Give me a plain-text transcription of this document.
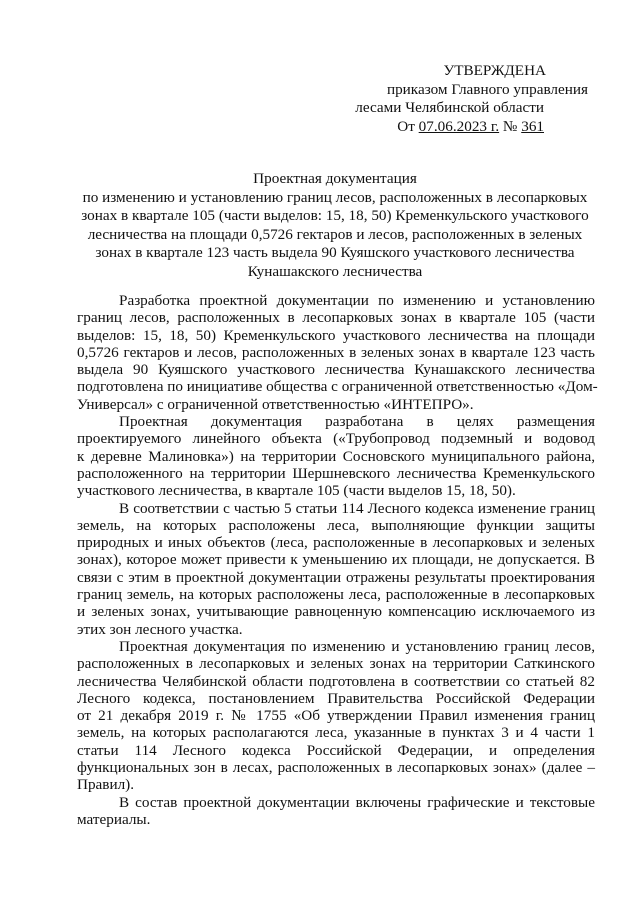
УТВЕРЖДЕНА
приказом Главного управления
лесами Челябинской области
От 07.06.2023 г. № 361
Проектная документация
по изменению и установлению границ лесов, расположенных в лесопарковых
зонах в квартале 105 (части выделов: 15, 18, 50) Кременкульского участкового
лесничества на площади 0,5726 гектаров и лесов, расположенных в зеленых
зонах в квартале 123 часть выдела 90 Куяшского участкового лесничества
Кунашакского лесничества
Разработка проектной документации по изменению и установлению
границ лесов, расположенных в лесопарковых зонах в квартале 105 (части
выделов: 15, 18, 50) Кременкульского участкового лесничества на площади
0,5726 гектаров и лесов, расположенных в зеленых зонах в квартале 123 часть
выдела 90 Куяшского участкового лесничества Кунашакского лесничества
подготовлена по инициативе общества с ограниченной ответственностью «Дом-
Универсал» с ограниченной ответственностью «ИНТЕПРО».
Проектная документация разработана в целях размещения
проектируемого линейного объекта («Трубопровод подземный и водовод
к деревне Малиновка») на территории Сосновского муниципального района,
расположенного на территории Шершневского лесничества Кременкульского
участкового лесничества, в квартале 105 (части выделов 15, 18, 50).
В соответствии с частью 5 статьи 114 Лесного кодекса изменение границ
земель, на которых расположены леса, выполняющие функции защиты
природных и иных объектов (леса, расположенные в лесопарковых и зеленых
зонах), которое может привести к уменьшению их площади, не допускается. В
связи с этим в проектной документации отражены результаты проектирования
границ земель, на которых расположены леса, расположенные в лесопарковых
и зеленых зонах, учитывающие равноценную компенсацию исключаемого из
этих зон лесного участка.
Проектная документация по изменению и установлению границ лесов,
расположенных в лесопарковых и зеленых зонах на территории Саткинского
лесничества Челябинской области подготовлена в соответствии со статьей 82
Лесного кодекса, постановлением Правительства Российской Федерации
от 21 декабря 2019 г. № 1755 «Об утверждении Правил изменения границ
земель, на которых располагаются леса, указанные в пунктах 3 и 4 части 1
статьи 114 Лесного кодекса Российской Федерации, и определения
функциональных зон в лесах, расположенных в лесопарковых зонах» (далее –
Правил).
В состав проектной документации включены графические и текстовые
материалы.
